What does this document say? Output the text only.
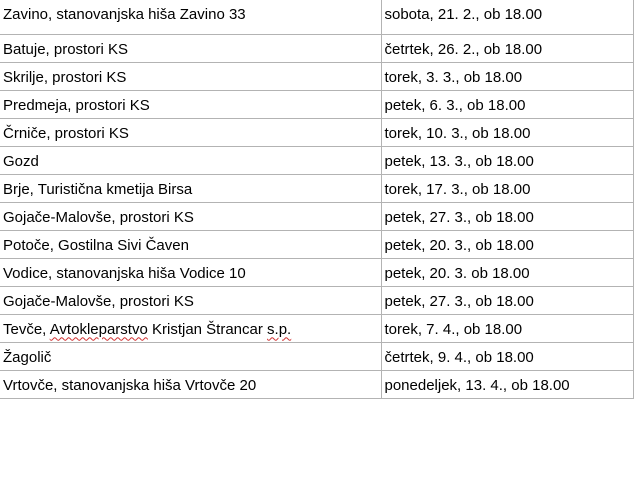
Zavino, stanovanjska hiša Zavino 33	sobota, 21. 2., ob 18.00
Batuje, prostori KS	četrtek, 26. 2., ob 18.00
Skrilje, prostori KS	torek, 3. 3., ob 18.00
Predmeja, prostori KS	petek, 6. 3., ob 18.00
Črniče, prostori KS	torek, 10. 3., ob 18.00
Gozd	petek, 13. 3., ob 18.00
Brje, Turistična kmetija Birsa	torek, 17. 3., ob 18.00
Gojače-Malovše, prostori KS	petek, 27. 3., ob 18.00
Potoče, Gostilna Sivi Čaven	petek, 20. 3., ob 18.00
Vodice, stanovanjska hiša Vodice 10	petek, 20. 3. ob 18.00
Gojače-Malovše, prostori KS	petek, 27. 3., ob 18.00
Tevče, Avtokleparstvo Kristjan Štrancar s.p.	torek, 7. 4., ob 18.00
Žagolič	četrtek, 9. 4., ob 18.00
Vrtovče, stanovanjska hiša Vrtovče 20	ponedeljek, 13. 4., ob 18.00
